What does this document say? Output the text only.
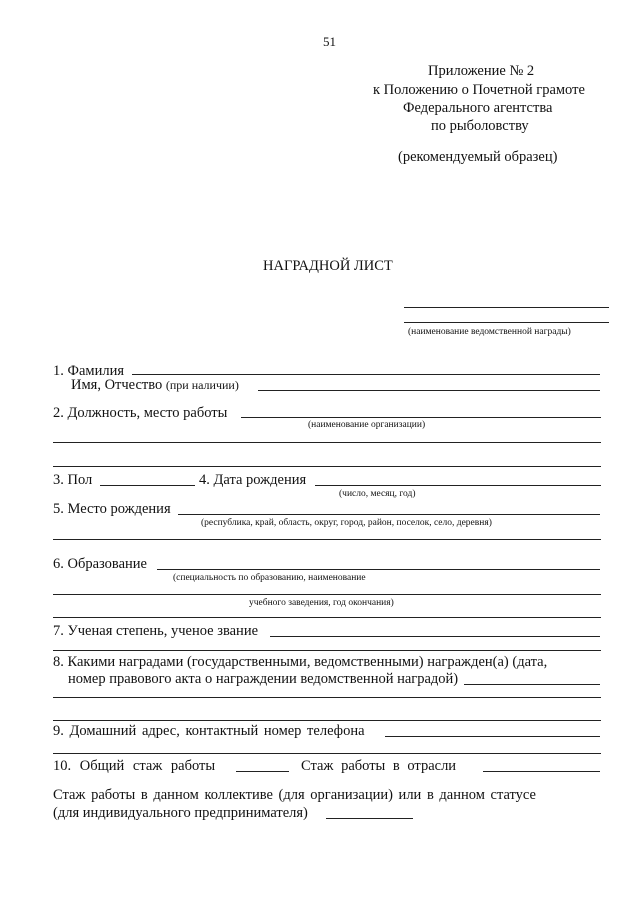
51
Приложение № 2
к Положению о Почетной грамоте
Федерального агентства
по рыболовству
(рекомендуемый образец)
НАГРАДНОЙ ЛИСТ
(наименование ведомственной награды)
1. Фамилия
Имя, Отчество (при наличии)
2. Должность, место работы
(наименование организации)
3. Пол	4. Дата рождения
(число, месяц, год)
5. Место рождения
(республика, край, область, округ, город, район, поселок, село, деревня)
6. Образование
(специальность по образованию, наименование
учебного заведения, год окончания)
7. Ученая степень, ученое звание
8. Какими наградами (государственными, ведомственными) награжден(а) (дата,
номер правового акта о награждении ведомственной наградой)
9. Домашний адрес, контактный номер телефона
10. Общий стаж работы	Стаж работы в отрасли
Стаж работы в данном коллективе (для организации) или в данном статусе
(для индивидуального предпринимателя)
